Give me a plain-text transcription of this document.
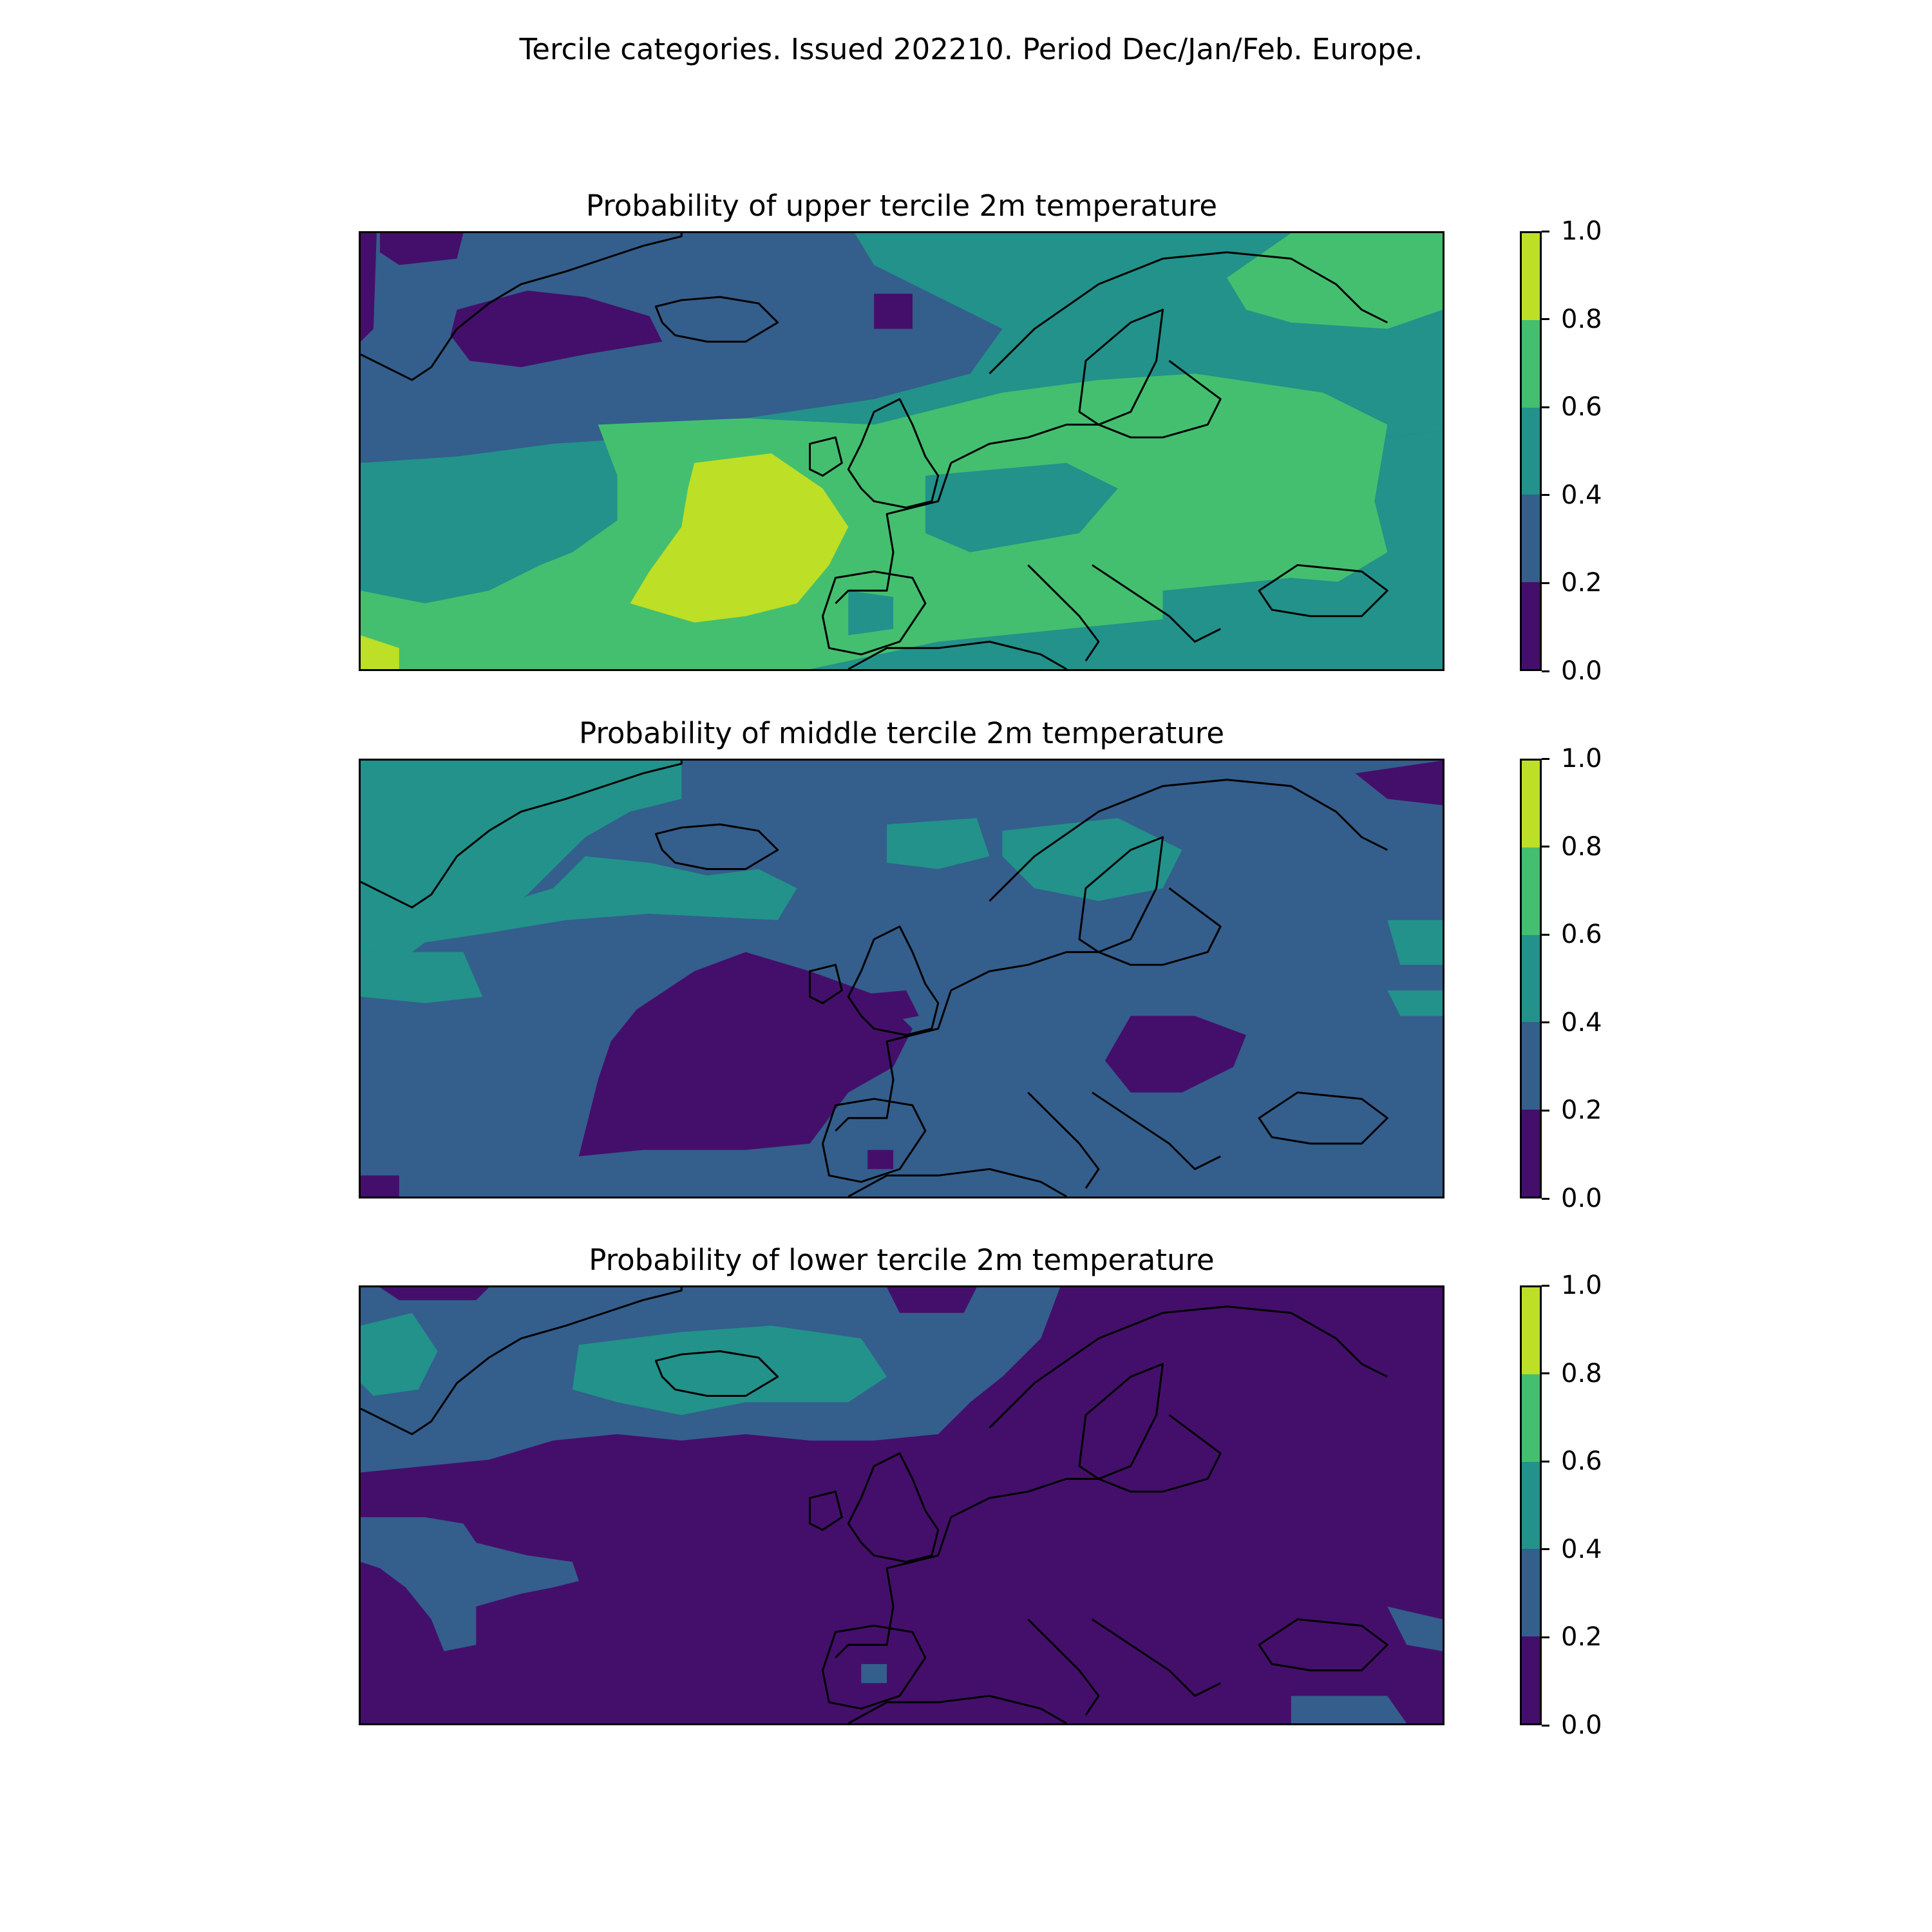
Tercile categories. Issued 202210. Period Dec/Jan/Feb. Europe.
Probability of upper tercile 2m temperature
Probability of middle tercile 2m temperature
Probability of lower tercile 2m temperature
0.0
0.2
0.4
0.6
0.8
1.0
0.0
0.2
0.4
0.6
0.8
1.0
0.0
0.2
0.4
0.6
0.8
1.0
